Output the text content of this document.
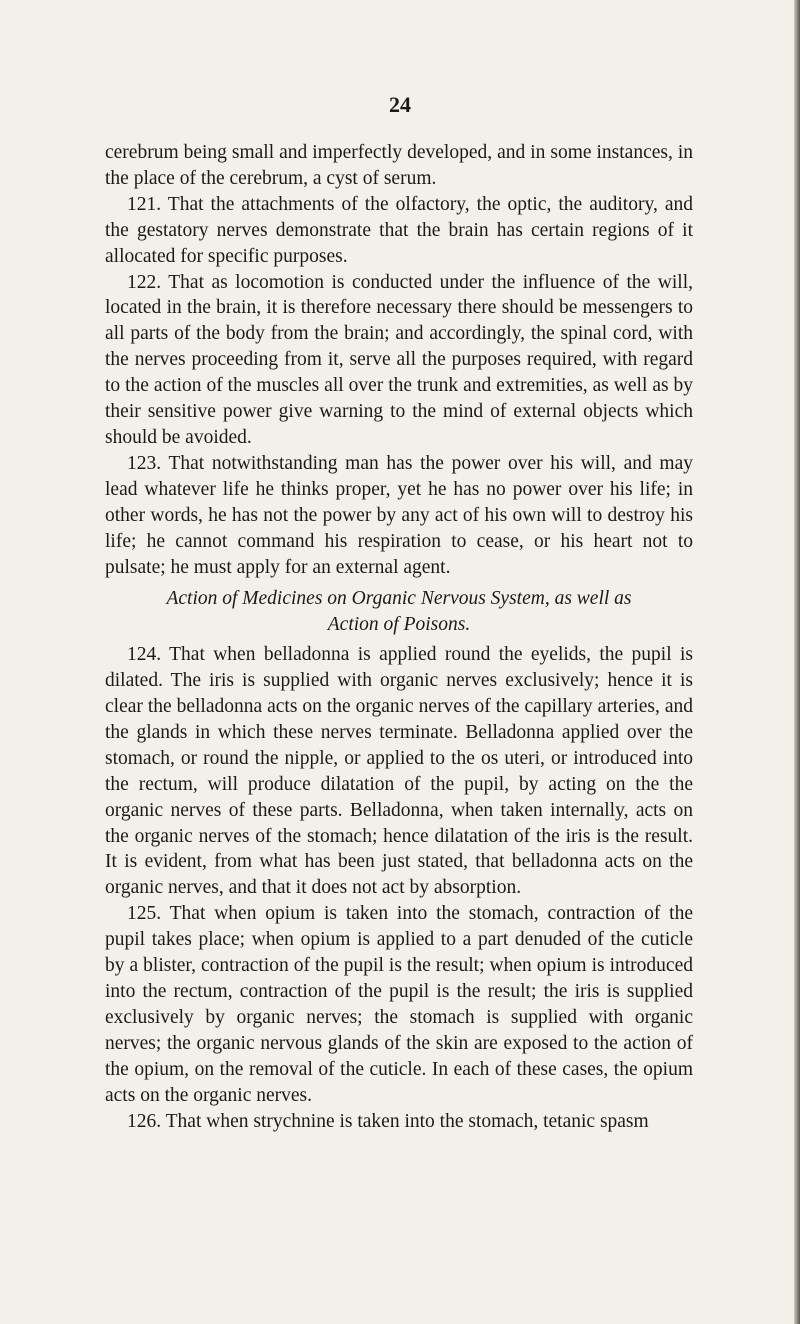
24

cerebrum being small and imperfectly developed, and in some instances, in the place of the cerebrum, a cyst of serum.

121. That the attachments of the olfactory, the optic, the auditory, and the gestatory nerves demonstrate that the brain has certain regions of it allocated for specific purposes.

122. That as locomotion is conducted under the influence of the will, located in the brain, it is therefore necessary there should be messengers to all parts of the body from the brain; and accordingly, the spinal cord, with the nerves proceeding from it, serve all the purposes required, with regard to the action of the muscles all over the trunk and extremities, as well as by their sensitive power give warning to the mind of external objects which should be avoided.

123. That notwithstanding man has the power over his will, and may lead whatever life he thinks proper, yet he has no power over his life; in other words, he has not the power by any act of his own will to destroy his life; he cannot command his respiration to cease, or his heart not to pulsate; he must apply for an external agent.

Action of Medicines on Organic Nervous System, as well as
Action of Poisons.

124. That when belladonna is applied round the eyelids, the pupil is dilated. The iris is supplied with organic nerves exclusively; hence it is clear the belladonna acts on the organic nerves of the capillary arteries, and the glands in which these nerves terminate. Belladonna applied over the stomach, or round the nipple, or applied to the os uteri, or introduced into the rectum, will produce dilatation of the pupil, by acting on the the organic nerves of these parts. Belladonna, when taken internally, acts on the organic nerves of the stomach; hence dilatation of the iris is the result. It is evident, from what has been just stated, that belladonna acts on the organic nerves, and that it does not act by absorption.

125. That when opium is taken into the stomach, contraction of the pupil takes place; when opium is applied to a part denuded of the cuticle by a blister, contraction of the pupil is the result; when opium is introduced into the rectum, contraction of the pupil is the result; the iris is supplied exclusively by organic nerves; the stomach is supplied with organic nerves; the organic nervous glands of the skin are exposed to the action of the opium, on the removal of the cuticle. In each of these cases, the opium acts on the organic nerves.

126. That when strychnine is taken into the stomach, tetanic spasm
